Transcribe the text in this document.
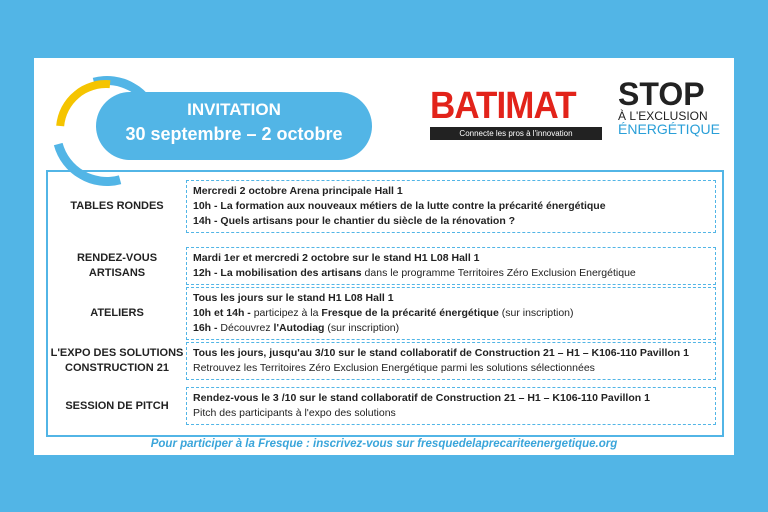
INVITATION
30 septembre – 2 octobre
BATIMAT
Connecte les pros à l'innovation
STOP
À L'EXCLUSION
ÉNERGÉTIQUE
TABLES RONDES
Mercredi 2 octobre Arena principale Hall 1
10h - La formation aux nouveaux métiers de la lutte contre la précarité énergétique
14h - Quels artisans pour le chantier du siècle de la rénovation ?
RENDEZ-VOUS ARTISANS
Mardi 1er et mercredi 2 octobre sur le stand H1 L08 Hall 1
12h - La mobilisation des artisans dans le programme Territoires Zéro Exclusion Energétique
ATELIERS
Tous les jours sur le stand H1 L08 Hall 1
10h et 14h - participez à la Fresque de la précarité énergétique (sur inscription)
16h - Découvrez l'Autodiag (sur inscription)
L'EXPO DES SOLUTIONS CONSTRUCTION 21
Tous les jours, jusqu'au 3/10 sur le stand collaboratif de Construction 21 – H1 – K106-110 Pavillon 1
Retrouvez les Territoires Zéro Exclusion Energétique parmi les solutions sélectionnées
SESSION DE PITCH
Rendez-vous le 3 /10 sur le stand collaboratif de Construction 21 – H1 – K106-110 Pavillon 1
Pitch des participants à l'expo des solutions
Pour participer à la Fresque : inscrivez-vous sur fresquedelaprecariteenergetique.org
